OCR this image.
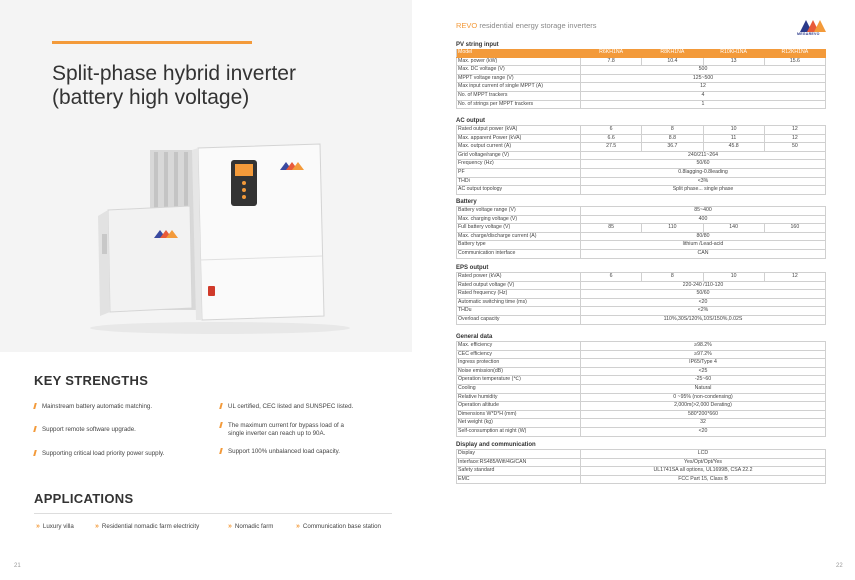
Split-phase hybrid inverter
(battery high voltage)
KEY STRENGTHS
Mainstream battery automatic matching.	UL certified, CEC listed and SUNSPEC listed.
Support remote software upgrade.
The maximum current for bypass load of a
single inverter can reach up to 90A.
Supporting critical load priority power supply.	Support 100% unbalanced load capacity.
APPLICATIONS
» Luxury villa	» Residential nomadic farm electricity	» Nomadic farm	» Communication base station
21
REVO residential energy storage inverters
MEGAREVO
PV string input
Model	R6KH1NA	R8KH1NA	R10KH1NA	R12KH1NA
Max. power (kW)	7.8	10.4	13	15.6
Max. DC voltage (V)	500			
MPPT voltage range (V)	125~500			
Max input current of single MPPT (A)	12			
No. of MPPT trackers	4			
No. of strings per MPPT trackers	1			
AC output
Rated output power (kVA)	6	8	10	12
Max. apparent Power (kVA)	6.6	8.8	11	12
Max. output current (A)	27.5	36.7	45.8	50
Grid voltage/range (V)	240/211~264			
Frequency (Hz)	50/60			
PF	0.8lagging-0.8leading			
THDi	<3%			
AC output topology	Split phase... single phase			
Battery
Battery voltage range (V)	85~400			
Max. charging voltage (V)	400			
Full battery voltage (V)	85	110	140	160
Max. charge/discharge current (A)	80/80			
Battery type	lithium /Lead-acid			
Communication interface	CAN			
EPS output
Rated power (kVA)	6	8	10	12
Rated output voltage (V)	220-240 /110-120			
Rated frequency (Hz)	50/60			
Automatic switching time (ms)	<20			
THDu	<2%			
Overload capacity	110%,30S/120%,10S/150%,0.02S			
General data
Max. efficiency	≥98.2%
CEC efficiency	≥97.2%
Ingress protection	IP65/Type 4
Noise emission(dB)	<25
Operation temperature (℃)	-25~60
Cooling	Natural
Relative humidity	0 ~95% (non-condensing)
Operation altitude	2,000m(>2,000 Derating)
Dimensions W*D*H (mm)	580*200*660
Net weight (kg)	32
Self-consumption at night (W)	<20
Display and communication
Display	LCD
Interface:RS485/Wifi/4G/CAN	Yes/Opt/Opt/Yes
Safety standard	UL1741SA all options, UL1699B, CSA 22.2
EMC	FCC Part 15, Class B
22
